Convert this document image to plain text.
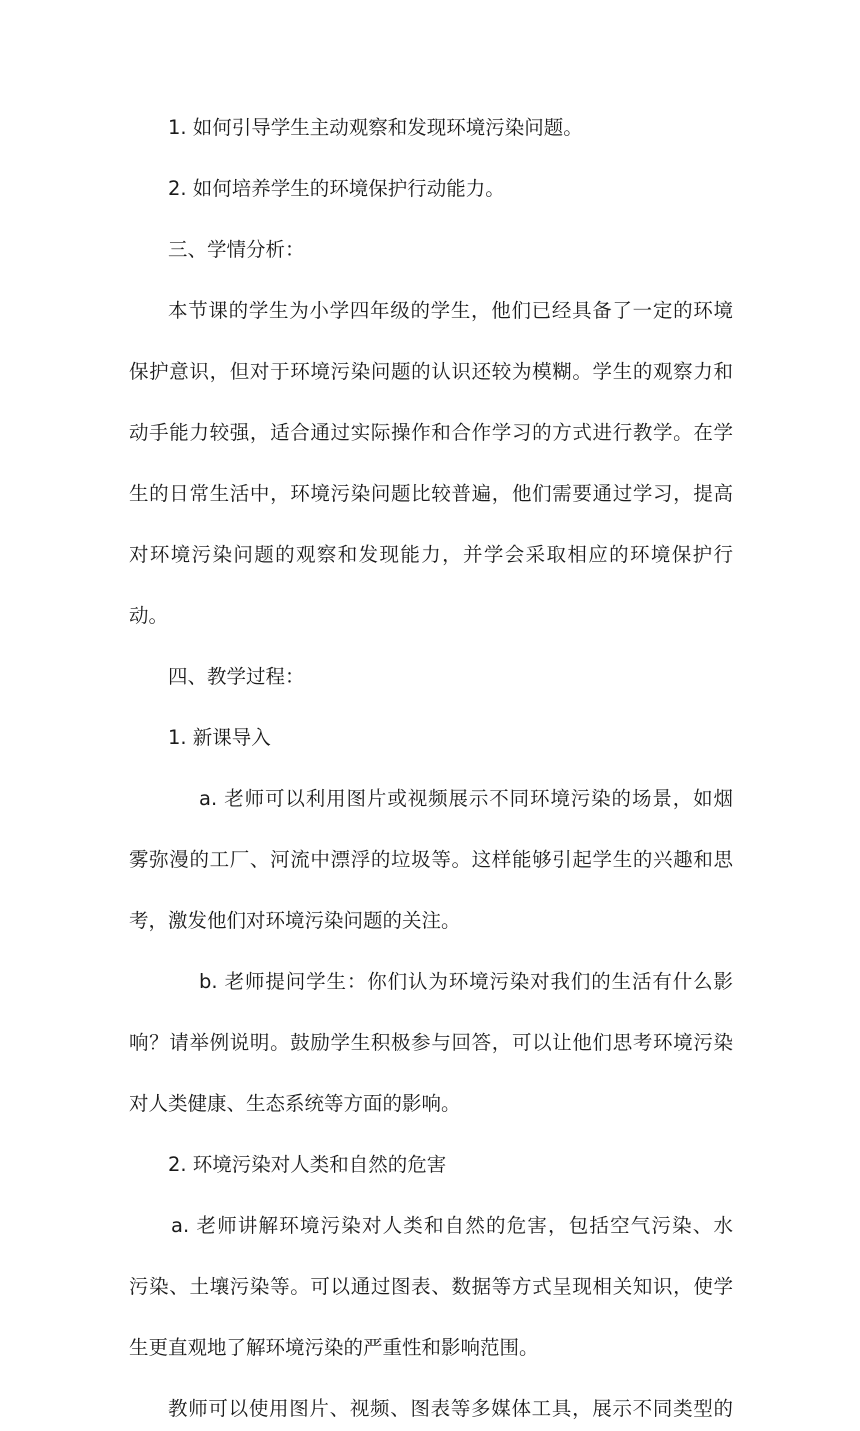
1. 如何引导学生主动观察和发现环境污染问题。
2. 如何培养学生的环境保护行动能力。
三、学情分析：
本节课的学生为小学四年级的学生，他们已经具备了一定的环境
保护意识，但对于环境污染问题的认识还较为模糊。学生的观察力和
动手能力较强，适合通过实际操作和合作学习的方式进行教学。在学
生的日常生活中，环境污染问题比较普遍，他们需要通过学习，提高
对环境污染问题的观察和发现能力，并学会采取相应的环境保护行
动。
四、教学过程：
1. 新课导入
a. 老师可以利用图片或视频展示不同环境污染的场景，如烟
雾弥漫的工厂、河流中漂浮的垃圾等。这样能够引起学生的兴趣和思
考，激发他们对环境污染问题的关注。
b. 老师提问学生：你们认为环境污染对我们的生活有什么影
响？请举例说明。鼓励学生积极参与回答，可以让他们思考环境污染
对人类健康、生态系统等方面的影响。
2. 环境污染对人类和自然的危害
a. 老师讲解环境污染对人类和自然的危害，包括空气污染、水
污染、土壤污染等。可以通过图表、数据等方式呈现相关知识，使学
生更直观地了解环境污染的严重性和影响范围。
教师可以使用图片、视频、图表等多媒体工具，展示不同类型的
